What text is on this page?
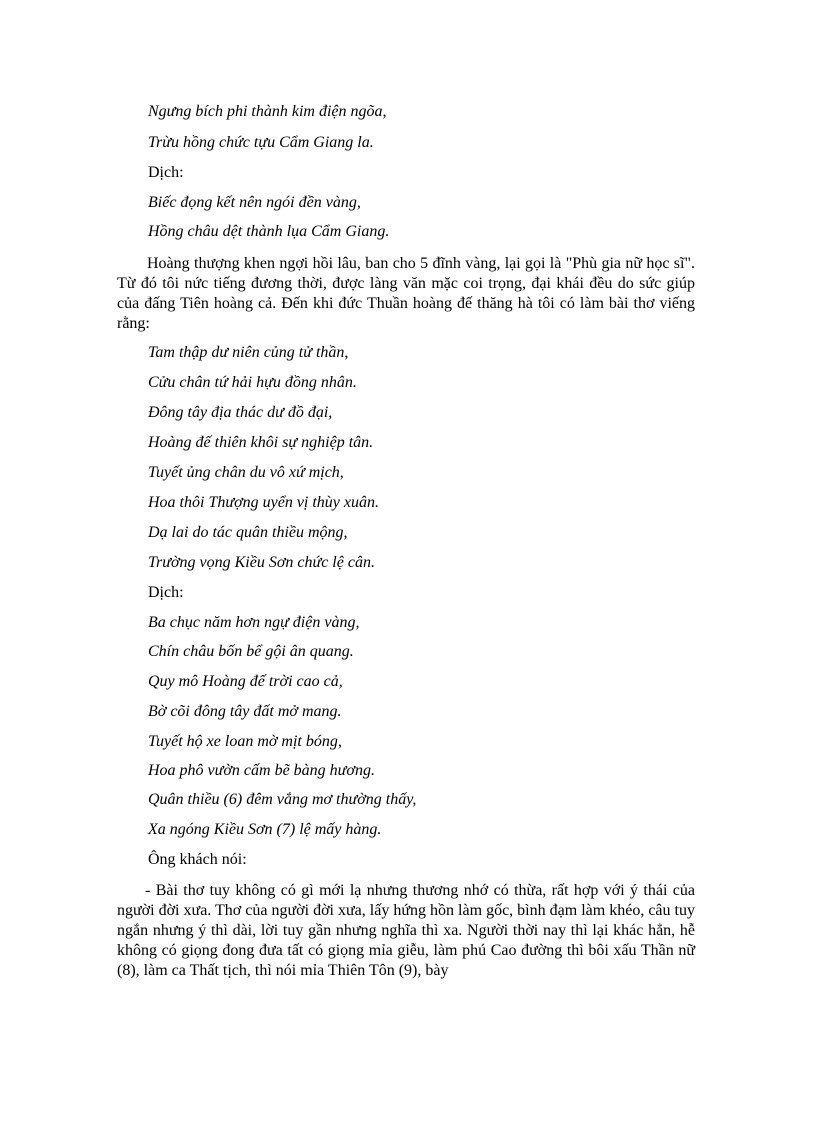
Ngưng bích phi thành kim điện ngõa,
Trừu hồng chức tựu Cẩm Giang la.
Dịch:
Biếc đọng kết nên ngói đền vàng,
Hồng châu dệt thành lụa Cẩm Giang.
Hoàng thượng khen ngợi hồi lâu, ban cho 5 đĩnh vàng, lại gọi là "Phù gia nữ học sĩ". Từ đó tôi nức tiếng đương thời, được làng văn mặc coi trọng, đại khái đều do sức giúp của đấng Tiên hoàng cả. Đến khi đức Thuần hoàng đế thăng hà tôi có làm bài thơ viếng rằng:
Tam thập dư niên củng tử thần,
Cửu chân tứ hải hựu đồng nhân.
Đông tây địa thác dư đồ đại,
Hoàng đế thiên khôi sự nghiệp tân.
Tuyết ủng chân du vô xứ mịch,
Hoa thôi Thượng uyển vị thùy xuân.
Dạ lai do tác quân thiều mộng,
Trường vọng Kiều Sơn chức lệ cân.
Dịch:
Ba chục năm hơn ngự điện vàng,
Chín châu bốn bể gội ân quang.
Quy mô Hoàng đế trời cao cả,
Bờ cõi đông tây đất mở mang.
Tuyết hộ xe loan mờ mịt bóng,
Hoa phô vườn cấm bẽ bàng hương.
Quân thiều (6) đêm vắng mơ thường thấy,
Xa ngóng Kiều Sơn (7) lệ mấy hàng.
Ông khách nói:
- Bài thơ tuy không có gì mới lạ nhưng thương nhớ có thừa, rất hợp với ý thái của người đời xưa. Thơ của người đời xưa, lấy hứng hồn làm gốc, bình đạm làm khéo, câu tuy ngắn nhưng ý thì dài, lời tuy gần nhưng nghĩa thì xa. Người thời nay thì lại khác hẳn, hễ không có giọng đong đưa tất có giọng mỉa giễu, làm phú Cao đường thì bôi xấu Thần nữ (8), làm ca Thất tịch, thì nói mỉa Thiên Tôn (9), bày
